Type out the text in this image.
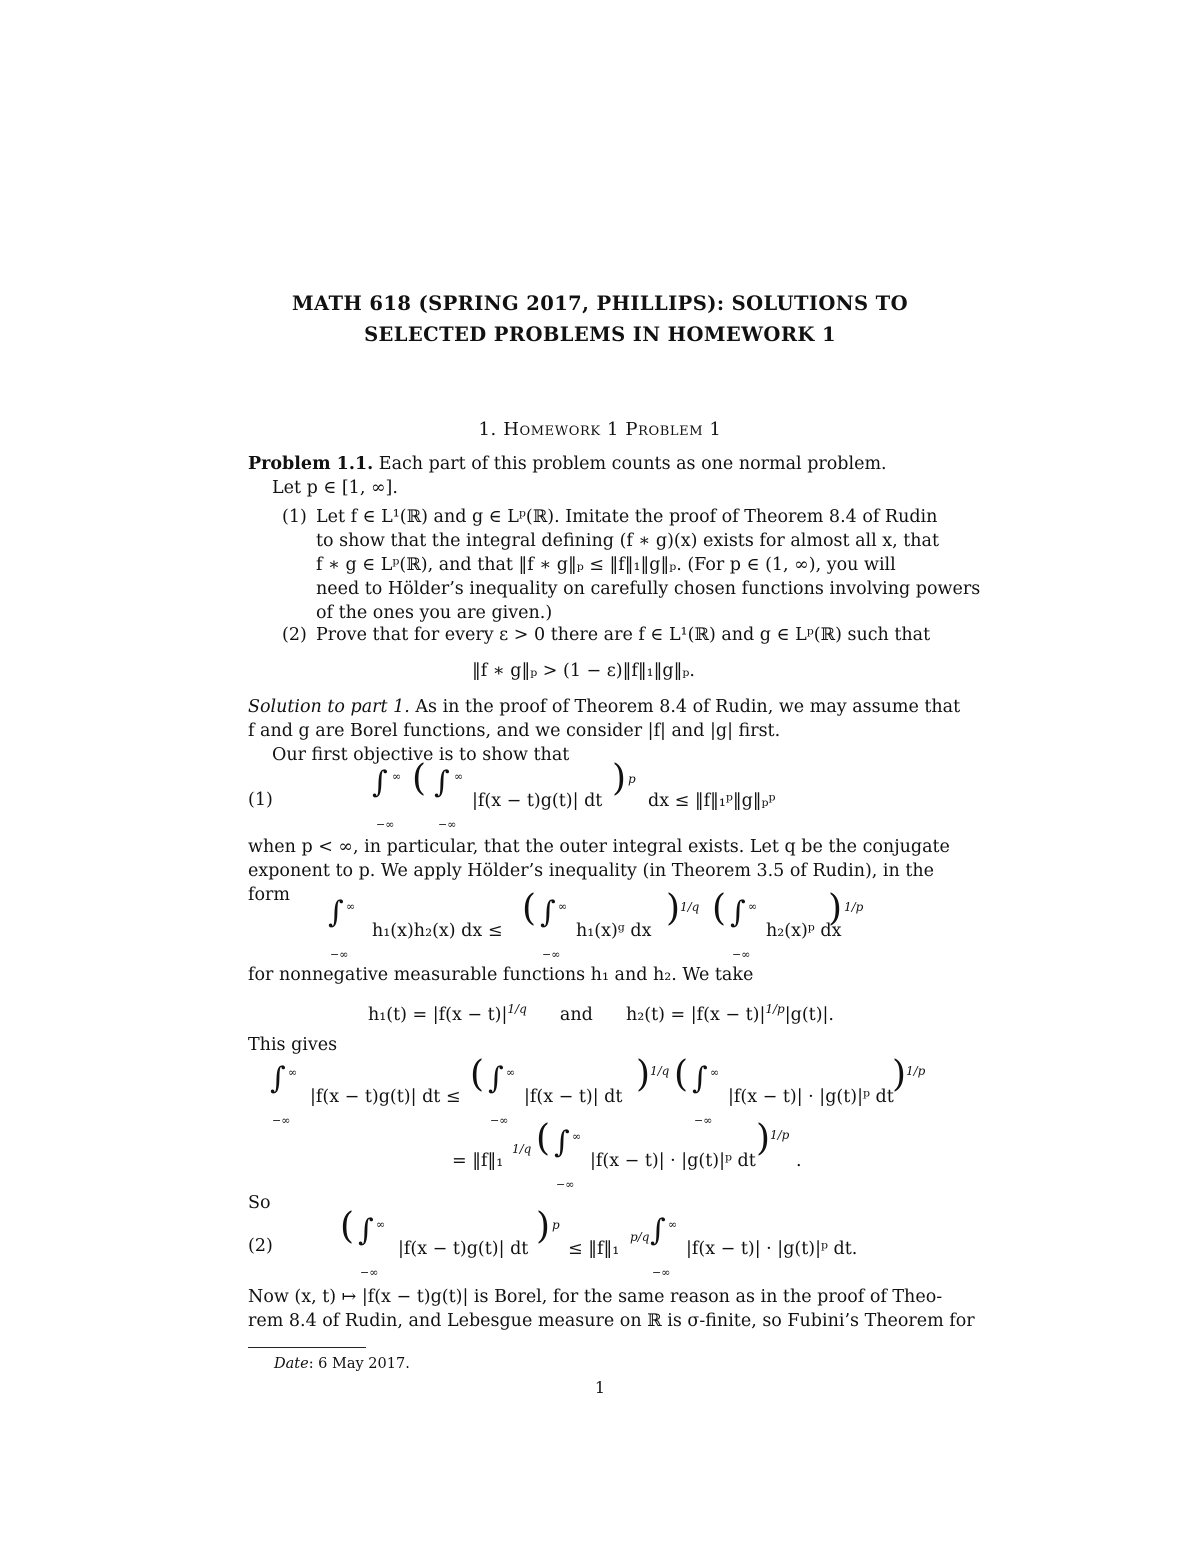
MATH 618 (SPRING 2017, PHILLIPS): SOLUTIONS TO
SELECTED PROBLEMS IN HOMEWORK 1
1. Homework 1 Problem 1
Problem 1.1. Each part of this problem counts as one normal problem.
Let p ∈ [1, ∞].
(1) Let f ∈ L¹(ℝ) and g ∈ Lᵖ(ℝ). Imitate the proof of Theorem 8.4 of Rudin
to show that the integral defining (f ∗ g)(x) exists for almost all x, that
f ∗ g ∈ Lᵖ(ℝ), and that ‖f ∗ g‖ₚ ≤ ‖f‖₁‖g‖ₚ. (For p ∈ (1, ∞), you will
need to Hölder’s inequality on carefully chosen functions involving powers
of the ones you are given.)
(2) Prove that for every ε > 0 there are f ∈ L¹(ℝ) and g ∈ Lᵖ(ℝ) such that
‖f ∗ g‖ₚ > (1 − ε)‖f‖₁‖g‖ₚ.
Solution to part 1. As in the proof of Theorem 8.4 of Rudin, we may assume that
f and g are Borel functions, and we consider |f| and |g| first.
Our first objective is to show that
(1)	∫ ∞
−∞
( ∫ ∞
−∞
|f(x − t)g(t)| dt
) p
dx ≤ ‖f‖₁ᵖ‖g‖ₚᵖ
when p < ∞, in particular, that the outer integral exists. Let q be the conjugate
exponent to p. We apply Hölder’s inequality (in Theorem 3.5 of Rudin), in the
form ∫ ∞
−∞
h₁(x)h₂(x) dx ≤
( ∫ ∞
−∞
h₁(x)ᵍ dx
) 1/q ( ∫ ∞
−∞
h₂(x)ᵖ dx
) 1/p
for nonnegative measurable functions h₁ and h₂. We take
$h_1(t) = |f(x - t)|^{1/q}$ and $h_2(t) = |f(x - t)|^{1/p}|g(t)|$.
This gives
∫ ∞
−∞
|f(x − t)g(t)| dt ≤
( ∫ ∞
−∞
|f(x − t)| dt
) 1/q ( ∫ ∞
−∞
|f(x − t)| · |g(t)|ᵖ dt
) 1/p
= ‖f‖₁
1/q ( ∫ ∞
−∞
|f(x − t)| · |g(t)|ᵖ dt
) 1/p
.
So
(2) ( ∫ ∞
−∞
|f(x − t)g(t)| dt
) p
≤ ‖f‖₁
p/q ∫ ∞
−∞
|f(x − t)| · |g(t)|ᵖ dt.
Now (x, t) ↦ |f(x − t)g(t)| is Borel, for the same reason as in the proof of Theo-
rem 8.4 of Rudin, and Lebesgue measure on ℝ is σ-finite, so Fubini’s Theorem for
Date: 6 May 2017.
1
